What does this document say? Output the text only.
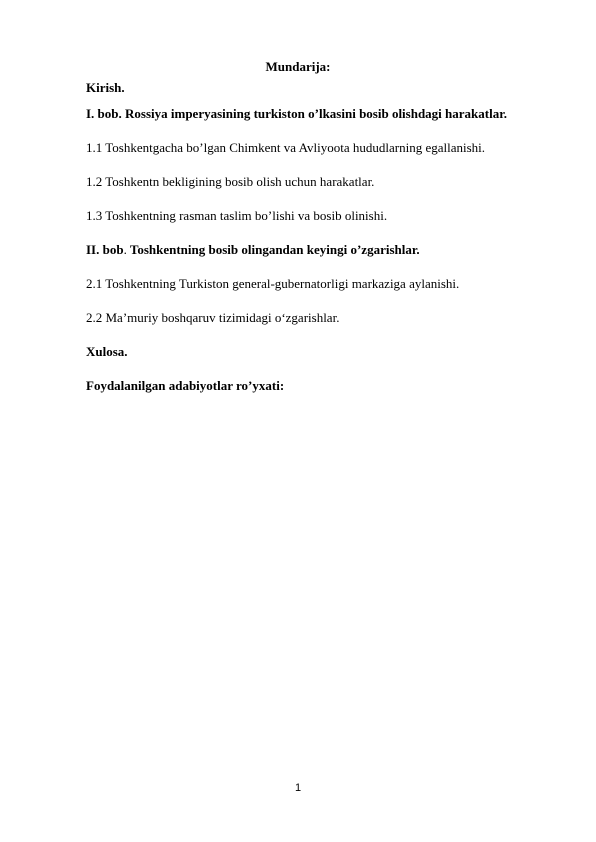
Mundarija:
Kirish.
I. bob. Rossiya imperyasining turkiston o’lkasini bosib olishdagi harakatlar.
1.1 Toshkentgacha bo’lgan Chimkent va Avliyoota hududlarning egallanishi.
1.2 Toshkentn bekligining bosib olish uchun harakatlar.
1.3 Toshkentning rasman taslim bo’lishi va bosib olinishi.
II. bob. Toshkentning bosib olingandan keyingi o’zgarishlar.
2.1 Toshkentning Turkiston general-gubernatorligi markaziga aylanishi.
2.2 Ma’muriy boshqaruv tizimidagi o‘zgarishlar.
Xulosa.
Foydalanilgan adabiyotlar ro’yxati:
1
